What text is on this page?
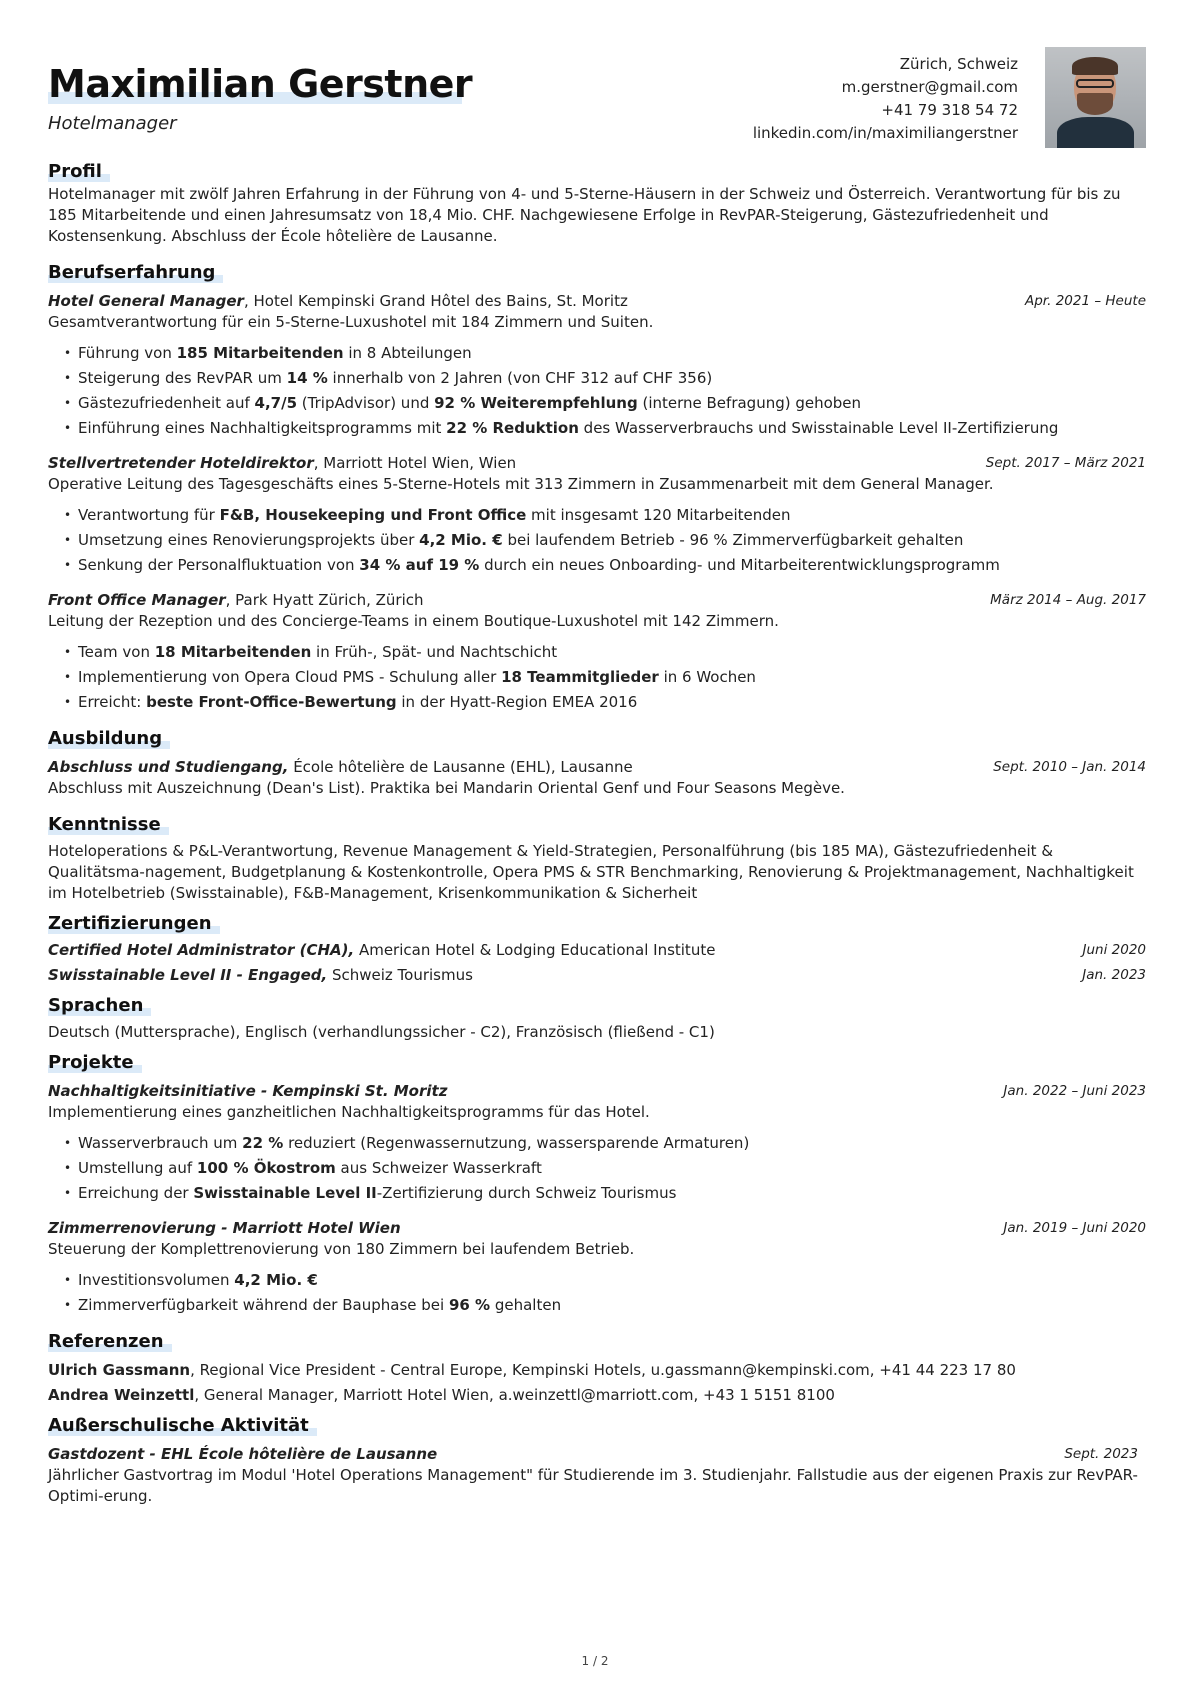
Maximilian Gerstner
Hotelmanager
Zürich, Schweiz
m.gerstner@gmail.com
+41 79 318 54 72
linkedin.com/in/maximiliangerstner
Profil
Hotelmanager mit zwölf Jahren Erfahrung in der Führung von 4- und 5-Sterne-Häusern in der Schweiz und Österreich. Verantwortung für bis zu 185 Mitarbeitende und einen Jahresumsatz von 18,4 Mio. CHF. Nachgewiesene Erfolge in RevPAR-Steigerung, Gästezufriedenheit und Kostensenkung. Abschluss der École hôtelière de Lausanne.
Berufserfahrung
Hotel General Manager, Hotel Kempinski Grand Hôtel des Bains, St. Moritz	Apr. 2021 – Heute
Gesamtverantwortung für ein 5-Sterne-Luxushotel mit 184 Zimmern und Suiten.
• Führung von 185 Mitarbeitenden in 8 Abteilungen
• Steigerung des RevPAR um 14 % innerhalb von 2 Jahren (von CHF 312 auf CHF 356)
• Gästezufriedenheit auf 4,7/5 (TripAdvisor) und 92 % Weiterempfehlung (interne Befragung) gehoben
• Einführung eines Nachhaltigkeitsprogramms mit 22 % Reduktion des Wasserverbrauchs und Swisstainable Level II-Zertifizierung
Stellvertretender Hoteldirektor, Marriott Hotel Wien, Wien	Sept. 2017 – März 2021
Operative Leitung des Tagesgeschäfts eines 5-Sterne-Hotels mit 313 Zimmern in Zusammenarbeit mit dem General Manager.
• Verantwortung für F&B, Housekeeping und Front Office mit insgesamt 120 Mitarbeitenden
• Umsetzung eines Renovierungsprojekts über 4,2 Mio. € bei laufendem Betrieb - 96 % Zimmerverfügbarkeit gehalten
• Senkung der Personalfluktuation von 34 % auf 19 % durch ein neues Onboarding- und Mitarbeiterentwicklungsprogramm
Front Office Manager, Park Hyatt Zürich, Zürich	März 2014 – Aug. 2017
Leitung der Rezeption und des Concierge-Teams in einem Boutique-Luxushotel mit 142 Zimmern.
• Team von 18 Mitarbeitenden in Früh-, Spät- und Nachtschicht
• Implementierung von Opera Cloud PMS - Schulung aller 18 Teammitglieder in 6 Wochen
• Erreicht: beste Front-Office-Bewertung in der Hyatt-Region EMEA 2016
Ausbildung
Abschluss und Studiengang, École hôtelière de Lausanne (EHL), Lausanne	Sept. 2010 – Jan. 2014
Abschluss mit Auszeichnung (Dean's List). Praktika bei Mandarin Oriental Genf und Four Seasons Megève.
Kenntnisse
Hoteloperations & P&L-Verantwortung, Revenue Management & Yield-Strategien, Personalführung (bis 185 MA), Gästezufriedenheit & Qualitätsma-nagement, Budgetplanung & Kostenkontrolle, Opera PMS & STR Benchmarking, Renovierung & Projektmanagement, Nachhaltigkeit im Hotelbetrieb (Swisstainable), F&B-Management, Krisenkommunikation & Sicherheit
Zertifizierungen
Certified Hotel Administrator (CHA), American Hotel & Lodging Educational Institute	Juni 2020
Swisstainable Level II - Engaged, Schweiz Tourismus	Jan. 2023
Sprachen
Deutsch (Muttersprache), Englisch (verhandlungssicher - C2), Französisch (fließend - C1)
Projekte
Nachhaltigkeitsinitiative - Kempinski St. Moritz	Jan. 2022 – Juni 2023
Implementierung eines ganzheitlichen Nachhaltigkeitsprogramms für das Hotel.
• Wasserverbrauch um 22 % reduziert (Regenwassernutzung, wassersparende Armaturen)
• Umstellung auf 100 % Ökostrom aus Schweizer Wasserkraft
• Erreichung der Swisstainable Level II-Zertifizierung durch Schweiz Tourismus
Zimmerrenovierung - Marriott Hotel Wien	Jan. 2019 – Juni 2020
Steuerung der Komplettrenovierung von 180 Zimmern bei laufendem Betrieb.
• Investitionsvolumen 4,2 Mio. €
• Zimmerverfügbarkeit während der Bauphase bei 96 % gehalten
Referenzen
Ulrich Gassmann, Regional Vice President - Central Europe, Kempinski Hotels, u.gassmann@kempinski.com, +41 44 223 17 80
Andrea Weinzettl, General Manager, Marriott Hotel Wien, a.weinzettl@marriott.com, +43 1 5151 8100
Außerschulische Aktivität
Gastdozent - EHL École hôtelière de Lausanne	Sept. 2023
Jährlicher Gastvortrag im Modul 'Hotel Operations Management" für Studierende im 3. Studienjahr. Fallstudie aus der eigenen Praxis zur RevPAR-Optimi-erung.
1 / 2
